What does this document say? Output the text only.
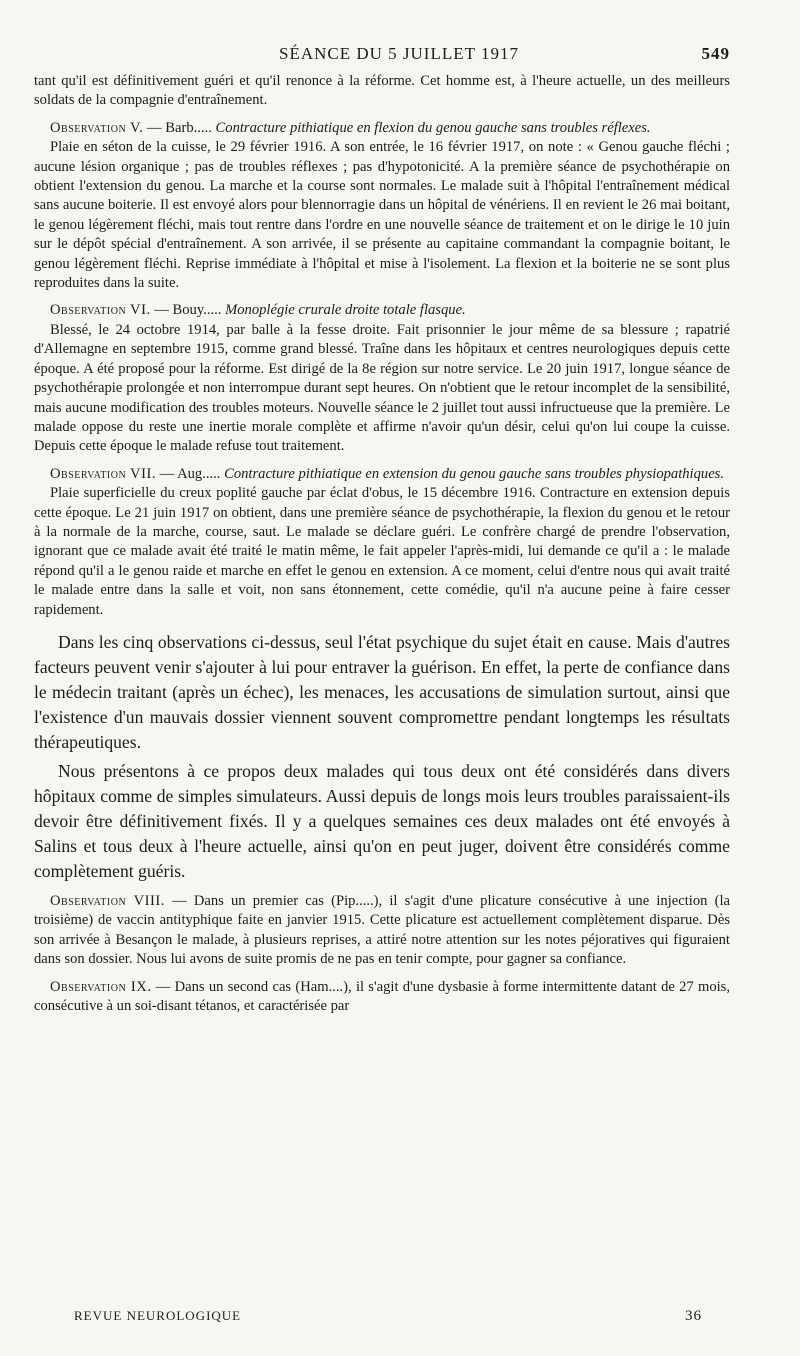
SÉANCE DU 5 JUILLET 1917	549

tant qu'il est définitivement guéri et qu'il renonce à la réforme. Cet homme est, à l'heure actuelle, un des meilleurs soldats de la compagnie d'entraînement.

Observation V. — Barb..... Contracture pithiatique en flexion du genou gauche sans troubles réflexes.

Plaie en séton de la cuisse, le 29 février 1916. A son entrée, le 16 février 1917, on note : « Genou gauche fléchi ; aucune lésion organique ; pas de troubles réflexes ; pas d'hypotonicité. A la première séance de psychothérapie on obtient l'extension du genou. La marche et la course sont normales. Le malade suit à l'hôpital l'entraînement médical sans aucune boiterie. Il est envoyé alors pour blennorragie dans un hôpital de vénériens. Il en revient le 26 mai boitant, le genou légèrement fléchi, mais tout rentre dans l'ordre en une nouvelle séance de traitement et on le dirige le 10 juin sur le dépôt spécial d'entraînement. A son arrivée, il se présente au capitaine commandant la compagnie boitant, le genou légèrement fléchi. Reprise immédiate à l'hôpital et mise à l'isolement. La flexion et la boiterie ne se sont plus reproduites dans la suite.

Observation VI. — Bouy..... Monoplégie crurale droite totale flasque.

Blessé, le 24 octobre 1914, par balle à la fesse droite. Fait prisonnier le jour même de sa blessure ; rapatrié d'Allemagne en septembre 1915, comme grand blessé. Traîne dans les hôpitaux et centres neurologiques depuis cette époque. A été proposé pour la réforme. Est dirigé de la 8e région sur notre service. Le 20 juin 1917, longue séance de psychothérapie prolongée et non interrompue durant sept heures. On n'obtient que le retour incomplet de la sensibilité, mais aucune modification des troubles moteurs. Nouvelle séance le 2 juillet tout aussi infructueuse que la première. Le malade oppose du reste une inertie morale complète et affirme n'avoir qu'un désir, celui qu'on lui coupe la cuisse. Depuis cette époque le malade refuse tout traitement.

Observation VII. — Aug..... Contracture pithiatique en extension du genou gauche sans troubles physiopathiques.

Plaie superficielle du creux poplité gauche par éclat d'obus, le 15 décembre 1916. Contracture en extension depuis cette époque. Le 21 juin 1917 on obtient, dans une première séance de psychothérapie, la flexion du genou et le retour à la normale de la marche, course, saut. Le malade se déclare guéri. Le confrère chargé de prendre l'observation, ignorant que ce malade avait été traité le matin même, le fait appeler l'après-midi, lui demande ce qu'il a : le malade répond qu'il a le genou raide et marche en effet le genou en extension. A ce moment, celui d'entre nous qui avait traité le malade entre dans la salle et voit, non sans étonnement, cette comédie, qu'il n'a aucune peine à faire cesser rapidement.

Dans les cinq observations ci-dessus, seul l'état psychique du sujet était en cause. Mais d'autres facteurs peuvent venir s'ajouter à lui pour entraver la guérison. En effet, la perte de confiance dans le médecin traitant (après un échec), les menaces, les accusations de simulation surtout, ainsi que l'existence d'un mauvais dossier viennent souvent compromettre pendant longtemps les résultats thérapeutiques.

Nous présentons à ce propos deux malades qui tous deux ont été considérés dans divers hôpitaux comme de simples simulateurs. Aussi depuis de longs mois leurs troubles paraissaient-ils devoir être définitivement fixés. Il y a quelques semaines ces deux malades ont été envoyés à Salins et tous deux à l'heure actuelle, ainsi qu'on en peut juger, doivent être considérés comme complètement guéris.

Observation VIII. — Dans un premier cas (Pip.....), il s'agit d'une plicature consécutive à une injection (la troisième) de vaccin antityphique faite en janvier 1915. Cette plicature est actuellement complètement disparue. Dès son arrivée à Besançon le malade, à plusieurs reprises, a attiré notre attention sur les notes péjoratives qui figuraient dans son dossier. Nous lui avons de suite promis de ne pas en tenir compte, pour gagner sa confiance.

Observation IX. — Dans un second cas (Ham....), il s'agit d'une dysbasie à forme intermittente datant de 27 mois, consécutive à un soi-disant tétanos, et caractérisée par

REVUE NEUROLOGIQUE	36
